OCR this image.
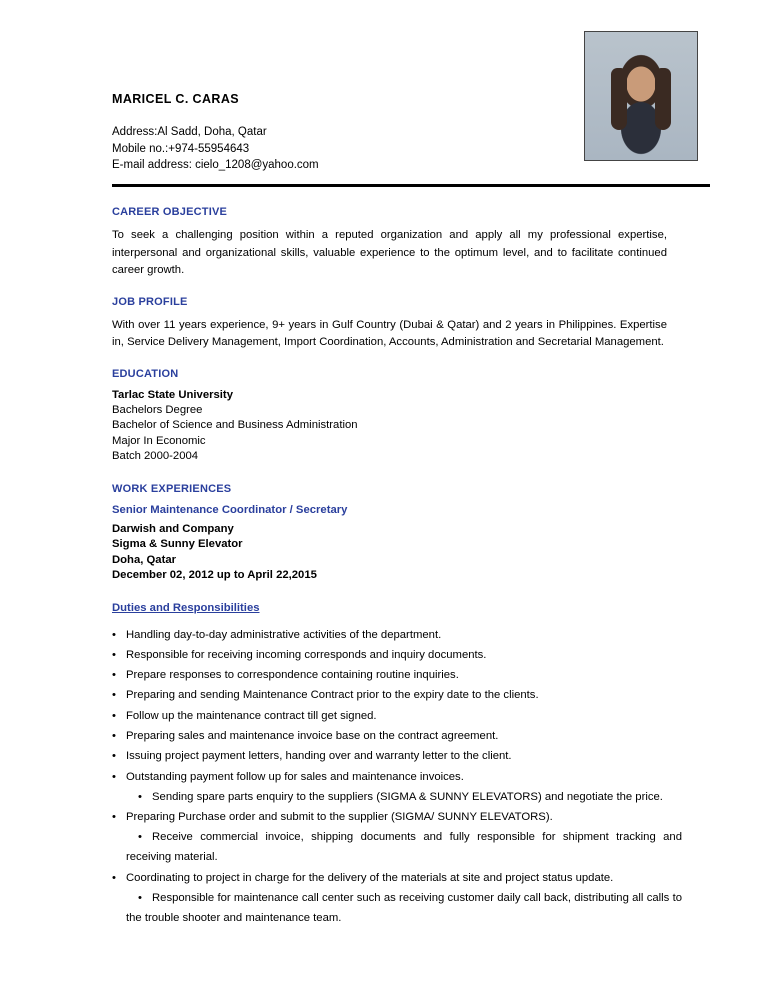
MARICEL C. CARAS
Address:Al Sadd, Doha, Qatar
Mobile no.:+974-55954643
E-mail address: cielo_1208@yahoo.com
CAREER OBJECTIVE

To seek a challenging position within a reputed organization and apply all my professional expertise, interpersonal and organizational skills, valuable experience to the optimum level, and to facilitate continued career growth.

JOB PROFILE

With over 11 years experience, 9+ years in Gulf Country (Dubai & Qatar) and 2 years in Philippines. Expertise in, Service Delivery Management, Import Coordination, Accounts, Administration and Secretarial Management.

EDUCATION

Tarlac State University

Bachelors Degree

Bachelor of Science and Business Administration

Major In Economic

Batch 2000-2004

WORK EXPERIENCES

Senior Maintenance Coordinator / Secretary

Darwish and Company

Sigma & Sunny Elevator

Doha, Qatar

December 02, 2012 up to April 22,2015

Duties and Responsibilities

• Handling day-to-day administrative activities of the department.
• Responsible for receiving incoming corresponds and inquiry documents.
• Prepare responses to correspondence containing routine inquiries.
• Preparing and sending Maintenance Contract prior to the expiry date to the clients.
• Follow up the maintenance contract till get signed.
• Preparing sales and maintenance invoice base on the contract agreement.
• Issuing project payment letters, handing over and warranty letter to the client.
• Outstanding payment follow up for sales and maintenance invoices.
• Sending spare parts enquiry to the suppliers (SIGMA & SUNNY ELEVATORS) and negotiate the price.
• Preparing Purchase order and submit to the supplier (SIGMA/ SUNNY ELEVATORS).
• Receive commercial invoice, shipping documents and fully responsible for shipment tracking and receiving material.
• Coordinating to project in charge for the delivery of the materials at site and project status update.
• Responsible for maintenance call center such as receiving customer daily call back, distributing all calls to the trouble shooter and maintenance team.
